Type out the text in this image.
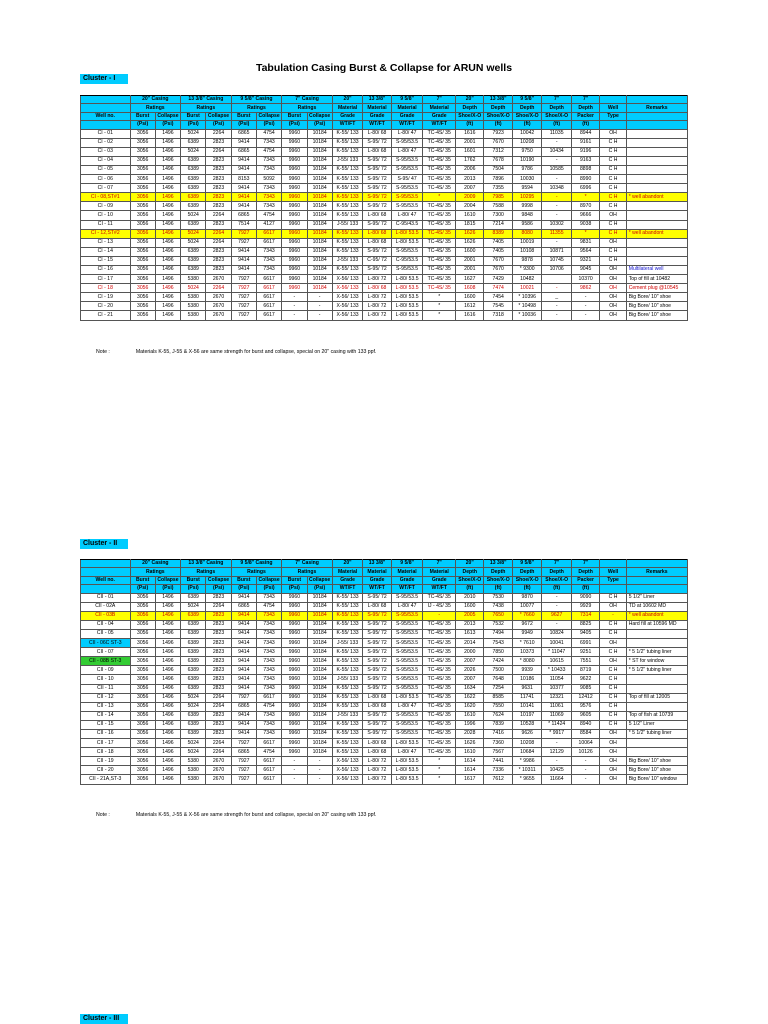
Tabulation Casing Burst & Collapse for ARUN wells
Cluster - I
	20" Casing		13 3/8" Casing		9 5/8" Casing		7" Casing		20"	13 3/8"	9 5/8"	7"	20"	13 3/8"	9 5/8"	7"	7"		
	Ratings		Ratings		Ratings		Ratings		Material	Material	Material	Material	Depth	Depth	Depth	Depth	Depth	Well	Remarks
Well no.	Burst	Collapse	Burst	Collapse	Burst	Collapse	Burst	Collapse	Grade	Grade	Grade	Grade	Shoe/X-O	Shoe/X-O	Shoe/X-O	Shoe/X-O	Packer	Type	
	(Psi)	(Psi)	(Psi)	(Psi)	(Psi)	(Psi)	(Psi)	(Psi)	WT/FT	WT/FT	WT/FT	WT/FT	(ft)	(ft)	(ft)	(ft)	(ft)		
CI - 01	3056	1496	5024	2264	6865	4754	9960	10184	K-55/ 133	L-80/ 68	L-80/ 47	TC-4S/ 35	1616	7923	10042	11035	8944	OH	
CI - 02	3056	1496	6389	2823	9414	7343	9960	10184	K-55/ 133	S-95/ 72	S-95/53.5	TC-4S/ 35	2001	7670	10208	-	9161	C H	
CI - 03	3056	1496	5024	2264	6865	4754	9960	10184	K-55/ 133	L-80/ 68	L-80/ 47	TC-4S/ 35	1601	7312	9750	10434	9196	C H	
CI - 04	3056	1496	6389	2823	9414	7343	9960	10184	J-55/ 133	S-95/ 72	S-95/53.5	TC-4S/ 35	1762	7678	10190	-	9163	C H	
CI - 05	3056	1496	6389	2823	9414	7343	9960	10184	K-55/ 133	S-95/ 72	S-95/53.5	TC-4S/ 35	2006	7504	9786	10585	8898	C H	
CI - 06	3056	1496	6389	2823	8153	5092	9960	10184	K-55/ 133	S-95/ 72	S-95/ 47	TC-4S/ 35	2013	7896	10030	-	8990	C H	
CI - 07	3056	1496	6389	2823	9414	7343	9960	10184	K-55/ 133	S-95/ 72	S-95/53.5	TC-4S/ 35	2007	7355	9594	10348	6996	C H	
CI - 08,ST#1	3056	1496	6389	2823	9414	7343	9960	10184	K-55/ 133	S-95/ 72	S-95/53.5	*	2009	7985	10295	-	*	C H	* well abandont
CI - 09	3056	1496	6389	2823	9414	7343	9960	10184	K-55/ 133	S-95/ 72	S-95/53.5	TC-4S/ 35	2004	7588	9998	-	8970	C H	
CI - 10	3056	1496	5024	2264	6865	4754	9960	10184	K-55/ 133	L-80/ 68	L-80/ 47	TC-4S/ 35	1610	7300	9848	-	9666	OH	
CI - 11	3056	1496	6389	2823	7514	4127	9960	10184	J-55/ 133	S-95/ 72	C-95/43.5	TC-4S/ 35	1815	7214	9586	10302	9038	C H	
CI - 12,ST#2	3056	1496	5024	2264	7927	6617	9960	10184	K-55/ 133	L-80/ 68	L-80/ 53.5	TC-4S/ 35	1626	8389	8080	11355	*	C H	* well abandont
CI - 13	3056	1496	5024	2264	7927	6617	9960	10184	K-55/ 133	L-80/ 68	L-80/ 53.5	TC-4S/ 35	1626	7405	10019	-	9831	OH	
CI - 14	3056	1496	6389	2823	9414	7343	9960	10184	K-55/ 133	S-95/ 72	S-95/53.5	TC-4S/ 35	1600	7405	10108	10871	9564	C H	
CI - 15	3056	1496	6389	2823	9414	7343	9960	10184	J-55/ 133	C-95/ 72	C-95/53.5	TC-4S/ 35	2001	7670	9878	10745	9321	C H	
CI - 16	3056	1496	6389	2823	9414	7343	9960	10184	K-55/ 133	S-95/ 72	S-95/53.5	TC-4S/ 35	2001	7670	* 9300	10706	9045	OH	Multilateral well
CI - 17	3056	1496	5380	2670	7927	6617	9960	10184	X-56/ 133	L-80/ 72	L-80/ 53.5	TC-4S/ 35	1627	7429	10482		10370	OH	Top of fill at 10482
CI - 18	3056	1496	5024	2264	7927	6617	9960	10184	X-56/ 133	L-80/ 68	L-80/ 53.5	TC-4S/ 35	1608	7474	10021	-	9862	OH	Cement plug @10545
CI - 19	3056	1496	5380	2670	7927	6617	-	-	X-56/ 133	L-80/ 72	L-80/ 53.5	*	1600	7454	* 10396	_	-	OH	Big Bore/ 10" shoe
CI - 20	3056	1496	5380	2670	7927	6617	-	-	X-56/ 133	L-80/ 72	L-80/ 53.5	*	1612	7545	* 10498	-	-	OH	Big Bore/ 10" shoe
CI - 21	3056	1496	5380	2670	7927	6617	-	-	X-56/ 133	L-80/ 72	L-80/ 53.5	*	1616	7318	* 10036	-	-	OH	Big Bore/ 10" shoe
Note :	Materials K-55, J-55 & X-56 are same strength for burst and collapse, special on 20" casing with 133 ppf.
Cluster - II
	20" Casing		13 3/8" Casing		9 5/8" Casing		7" Casing		20"	13 3/8"	9 5/8"	7"	20"	13 3/8"	9 5/8"	7"	7"		
	Ratings		Ratings		Ratings		Ratings		Material	Material	Material	Material	Depth	Depth	Depth	Depth	Depth	Well	Remarks
Well no.	Burst	Collapse	Burst	Collapse	Burst	Collapse	Burst	Collapse	Grade	Grade	Grade	Grade	Shoe/X-O	Shoe/X-O	Shoe/X-O	Shoe/X-O	Packer	Type	
	(Psi)	(Psi)	(Psi)	(Psi)	(Psi)	(Psi)	(Psi)	(Psi)	WT/FT	WT/FT	WT/FT	WT/FT	(ft)	(ft)	(ft)	(ft)	(ft)		
CII - 01	3056	1496	6389	2823	9414	7343	9960	10184	K-55/ 133	S-95/ 72	S-95/53.5	TC-4S/ 35	2010	7530	9870	-	9090	C H	5 1/2" Liner
CII - 02A	3056	1496	5024	2264	6865	4754	9960	10184	K-55/ 133	L-80/ 68	L-80/ 47	IJ - 4S/ 35	1600	7438	10077	-	9929	OH	TD at 10602 MD
CII - 03B	3056	1496	6389	2823	9414	7343	9960	10184	K-55/ 133	S-95/ 72	S-95/53.5	-	2005	7650	* 7660	9627	7314	-	* well abandont
CII - 04	3056	1496	6389	2823	9414	7343	9960	10184	K-55/ 133	S-95/ 72	S-95/53.5	TC-4S/ 35	2013	7532	9672	-	8825	C H	Hard fill at 10596 MD
CII - 05	3056	1496	6389	2823	9414	7343	9960	10184	K-55/ 133	S-95/ 72	S-95/53.5	TC-4S/ 35	1613	7494	9949	10824	9405	C H	
CII - 06C ST-3	3056	1496	6389	2823	9414	7343	9960	10184	J-55/ 133	S-95/ 72	S-95/53.5	TC-4S/ 35	2014	7543	* 7610	10041	6991	OH	
CII - 07	3056	1496	6389	2823	9414	7343	9960	10184	K-55/ 133	S-95/ 72	S-95/53.5	TC-4S/ 35	2000	7850	10373	* 11047	9251	C H	* 5 1/2" tubing liner
CII - 08B ST-3	3056	1496	6389	2823	9414	7343	9960	10184	K-55/ 133	S-95/ 72	S-95/53.5	TC-4S/ 35	2007	7424	* 8080	10615	7551	OH	* ST for window
CII - 09	3056	1496	6389	2823	9414	7343	9960	10184	K-55/ 133	S-95/ 72	S-95/53.5	TC-4S/ 35	2026	7500	9939	* 10433	8719	C H	* 5 1/2" tubing liner
CII - 10	3056	1496	6389	2823	9414	7343	9960	10184	J-55/ 133	S-95/ 72	S-95/53.5	TC-4S/ 35	2007	7648	10186	11054	9622	C H	
CII - 11	3056	1496	6389	2823	9414	7343	9960	10184	K-55/ 133	S-95/ 72	S-95/53.5	TC-4S/ 35	1634	7254	9631	10377	9085	C H	
CII - 12	3056	1496	5024	2264	7927	6617	9960	10184	K-55/ 133	L-80/ 68	L-80/ 53.5	TC-4S/ 35	1622	8585	11741	12321	12412	C H	Top of fill at 12005
CII - 13	3056	1496	5024	2264	6865	4754	9960	10184	K-55/ 133	L-80/ 68	L-80/ 47	TC-4S/ 35	1620	7550	10141	11061	9576	C H	
CII - 14	3056	1496	6389	2823	9414	7343	9960	10184	J-55/ 133	S-95/ 72	S-95/53.5	TC-4S/ 35	1610	7624	10197	11069	9605	C H	Top of fish at 10739
CII - 15	3056	1496	6389	2823	9414	7343	9960	10184	K-55/ 133	S-95/ 72	S-95/53.5	TC-4S/ 35	1996	7839	10528	* 11424	8940	C H	5 1/2" Liner
CII - 16	3056	1496	6389	2823	9414	7343	9960	10184	K-55/ 133	S-95/ 72	S-95/53.5	TC-4S/ 35	2028	7416	9626	* 9917	8584	OH	* 5 1/2" tubing liner
CII - 17	3056	1496	5024	2264	7927	6617	9960	10184	K-55/ 133	L-80/ 68	L-80/ 53.5	TC-4S/ 35	1626	7360	10208	-	10064	OH	
CII - 18	3056	1496	5024	2264	6865	4754	9960	10184	K-55/ 133	L-80/ 68	L-80/ 47	TC-4S/ 35	1610	7567	10684	12129	10126	OH	
CII - 19	3056	1496	5380	2670	7927	6617	-	-	X-56/ 133	L-80/ 72	L-80/ 53.5	*	1614	7441	* 9986	-	-	OH	Big Bore/ 10" shoe
CII - 20	3056	1496	5380	2670	7927	6617	-	-	X-56/ 133	L-80/ 72	L-80/ 53.5	*	1614	7336	* 10311	10425	-	OH	Big Bore/ 10" shoe
CII - 21A,ST-3	3056	1496	5380	2670	7927	6617	-	-	X-56/ 133	L-80/ 72	L-80/ 53.5	*	1617	7612	* 9655	11664	-	OH	Big Bore/ 10" window
Note :	Materials K-55, J-55 & X-56 are same strength for burst and collapse, special on 20" casing with 133 ppf.
Cluster - III
